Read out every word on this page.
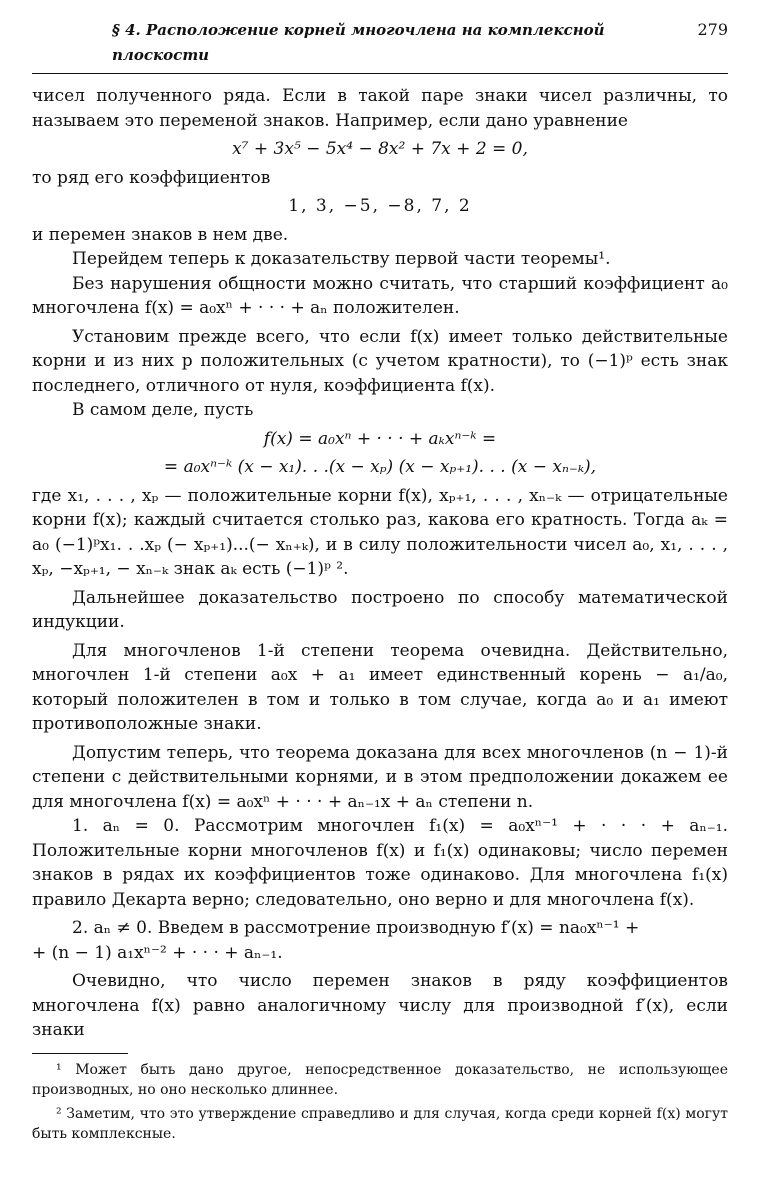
§ 4. Расположение корней многочлена на комплексной плоскости
279

чисел полученного ряда. Если в такой паре знаки чисел различны, то называем это переменой знаков. Например, если дано уравнение

x⁷ + 3x⁵ − 5x⁴ − 8x² + 7x + 2 = 0,

то ряд его коэффициентов

1, 3, −5, −8, 7, 2

и перемен знаков в нем две.

Перейдем теперь к доказательству первой части теоремы¹.

Без нарушения общности можно считать, что старший коэффициент a₀ многочлена f(x) = a₀xⁿ + · · · + aₙ положителен.

Установим прежде всего, что если f(x) имеет только действительные корни и из них p положительных (с учетом кратности), то (−1)ᵖ есть знак последнего, отличного от нуля, коэффициента f(x).

В самом деле, пусть

f(x) = a₀xⁿ + · · · + aₖxⁿ⁻ᵏ =
= a₀xⁿ⁻ᵏ (x − x₁). . .(x − xₚ) (x − xₚ₊₁). . . (x − xₙ₋ₖ),

где x₁, . . . , xₚ — положительные корни f(x), xₚ₊₁, . . . , xₙ₋ₖ — отрицательные корни f(x); каждый считается столько раз, какова его кратность. Тогда aₖ = a₀ (−1)ᵖx₁. . .xₚ (− xₚ₊₁)...(− xₙ₊ₖ), и в силу положительности чисел a₀, x₁, . . . , xₚ, −xₚ₊₁, − xₙ₋ₖ знак aₖ есть (−1)ᵖ ².

Дальнейшее доказательство построено по способу математической индукции.

Для многочленов 1-й степени теорема очевидна. Действительно, многочлен 1-й степени a₀x + a₁ имеет единственный корень − a₁/a₀, который положителен в том и только в том случае, когда a₀ и a₁ имеют противоположные знаки.

Допустим теперь, что теорема доказана для всех многочленов (n − 1)-й степени с действительными корнями, и в этом предположении докажем ее для многочлена f(x) = a₀xⁿ + · · · + aₙ₋₁x + aₙ степени n.

1. aₙ = 0. Рассмотрим многочлен f₁(x) = a₀xⁿ⁻¹ + · · · + aₙ₋₁. Положительные корни многочленов f(x) и f₁(x) одинаковы; число перемен знаков в рядах их коэффициентов тоже одинаково. Для многочлена f₁(x) правило Декарта верно; следовательно, оно верно и для многочлена f(x).

2. aₙ ≠ 0. Введем в рассмотрение производную f′(x) = na₀xⁿ⁻¹ +

+ (n − 1) a₁xⁿ⁻² + · · · + aₙ₋₁.

Очевидно, что число перемен знаков в ряду коэффициентов многочлена f(x) равно аналогичному числу для производной f′(x), если знаки

¹ Может быть дано другое, непосредственное доказательство, не использующее производных, но оно несколько длиннее.

² Заметим, что это утверждение справедливо и для случая, когда среди корней f(x) могут быть комплексные.
